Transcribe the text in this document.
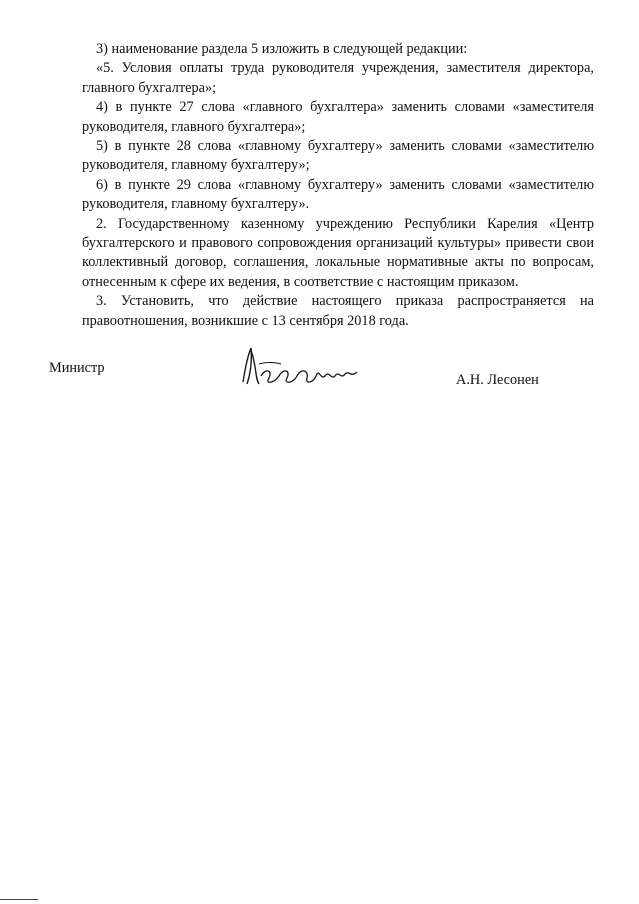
3) наименование раздела 5 изложить в следующей редакции:

«5. Условия оплаты труда руководителя учреждения, заместителя директора, главного бухгалтера»;

4) в пункте 27 слова «главного бухгалтера» заменить словами «заместителя руководителя, главного бухгалтера»;

5) в пункте 28 слова «главному бухгалтеру» заменить словами «заместителю руководителя, главному бухгалтеру»;

6) в пункте 29 слова «главному бухгалтеру» заменить словами «заместителю руководителя, главному бухгалтеру».

2. Государственному казенному учреждению Республики Карелия «Центр бухгалтерского и правового сопровождения организаций культуры» привести свои коллективный договор, соглашения, локальные нормативные акты по вопросам, отнесенным к сфере их ведения, в соответствие с настоящим приказом.

3. Установить, что действие настоящего приказа распространяется на правоотношения, возникшие с 13 сентября 2018 года.

Министр
А.Н. Лесонен
